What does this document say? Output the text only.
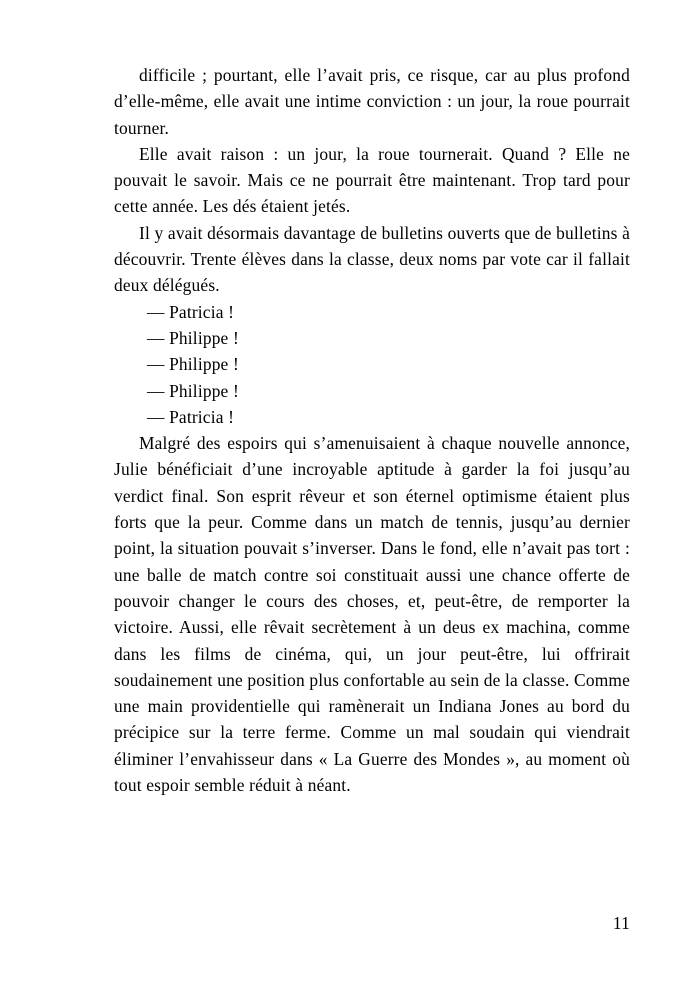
difficile ; pourtant, elle l’avait pris, ce risque, car au plus profond d’elle-même, elle avait une intime conviction : un jour, la roue pourrait tourner.

Elle avait raison : un jour, la roue tournerait. Quand ? Elle ne pouvait le savoir. Mais ce ne pourrait être maintenant. Trop tard pour cette année. Les dés étaient jetés.

Il y avait désormais davantage de bulletins ouverts que de bulletins à découvrir. Trente élèves dans la classe, deux noms par vote car il fallait deux délégués.

— Patricia !

— Philippe !

— Philippe !

— Philippe !

— Patricia !

Malgré des espoirs qui s’amenuisaient à chaque nouvelle annonce, Julie bénéficiait d’une incroyable aptitude à garder la foi jusqu’au verdict final. Son esprit rêveur et son éternel optimisme étaient plus forts que la peur. Comme dans un match de tennis, jusqu’au dernier point, la situation pouvait s’inverser. Dans le fond, elle n’avait pas tort : une balle de match contre soi constituait aussi une chance offerte de pouvoir changer le cours des choses, et, peut-être, de remporter la victoire. Aussi, elle rêvait secrètement à un deus ex machina, comme dans les films de cinéma, qui, un jour peut-être, lui offrirait soudainement une position plus confortable au sein de la classe. Comme une main providentielle qui ramènerait un Indiana Jones au bord du précipice sur la terre ferme. Comme un mal soudain qui viendrait éliminer l’envahisseur dans « La Guerre des Mondes », au moment où tout espoir semble réduit à néant.

11
